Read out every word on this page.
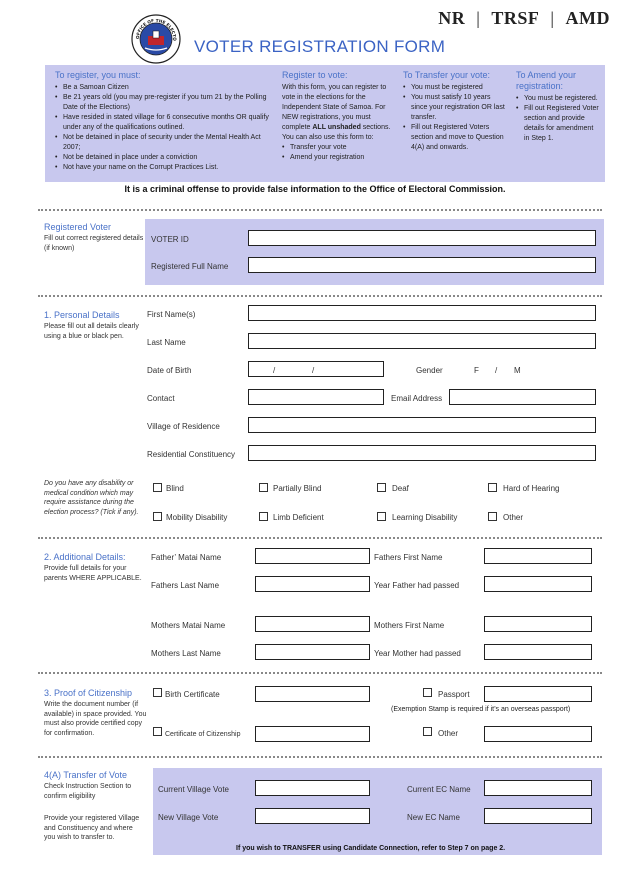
NR | TRSF | AMD
OFFICE OF THE ELECTO VOTER REGISTRATION FORM
To register, you must:
• Be a Samoan Citizen
• Be 21 years old (you may pre-register if you turn 21 by the Polling Date of the Elections)
• Have resided in stated village for 6 consecutive months OR qualify under any of the qualifications outlined.
• Not be detained in place of security under the Mental Health Act 2007;
• Not be detained in place under a conviction
• Not have your name on the Corrupt Practices List.
Register to vote:

With this form, you can register to vote in the elections for the Independent State of Samoa. For NEW registrations, you must complete ALL unshaded sections. You can also use this form to:

• Transfer your vote
• Amend your registration
To Transfer your vote:
• You must be registered
• You must satisfy 10 years since your registration OR last transfer.
• Fill out Registered Voters section and move to Question 4(A) and onwards.
To Amend your registration:
• You must be registered.
• Fill out Registered Voter section and provide details for amendment in Step 1.
It is a criminal offense to provide false information to the Office of Electoral Commission.
Registered Voter
Fill out correct registered details (if known)
VOTER ID
Registered Full Name
1. Personal Details
Please fill out all details clearly using a blue or black pen.
First Name(s)
Last Name
Date of Birth	/	/	Gender	F / M
Contact	Email Address
Village of Residence
Residential Constituency
Do you have any disability or medical condition which may require assistance during the election process? (Tick if any).
Blind	Partially Blind	Deaf	Hard of Hearing
Mobility Disability	Limb Deficient	Learning Disability	Other
2. Additional Details:
Provide full details for your parents WHERE APPLICABLE.
Father’ Matai Name	Fathers First Name
Fathers Last Name	Year Father had passed
Mothers Matai Name	Mothers First Name
Mothers Last Name	Year Mother had passed
3. Proof of Citizenship
Write the document number (if available) in space provided. You must also provide certified copy for confirmation.
Birth Certificate	Passport
(Exemption Stamp is required if it’s an overseas passport)
Certificate of Citizenship	Other
4(A) Transfer of Vote
Check Instruction Section to confirm eligibility
Provide your registered Village and Constituency and where you wish to transfer to.
Current Village Vote	Current EC Name
New Village Vote	New EC Name
If you wish to TRANSFER using Candidate Connection, refer to Step 7 on page 2.
